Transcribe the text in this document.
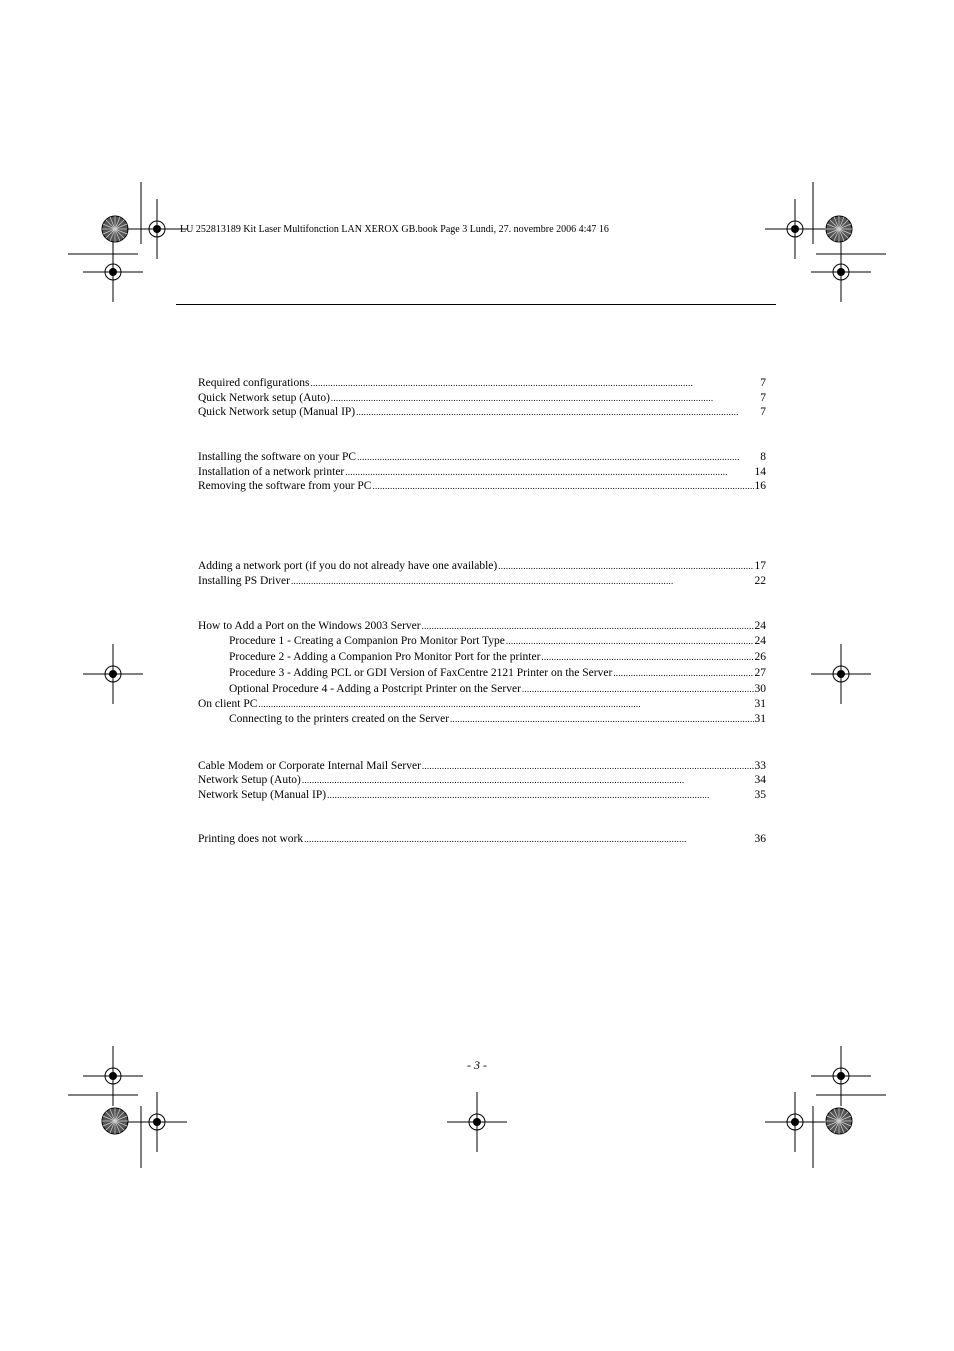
LU 252813189 Kit Laser Multifonction LAN XEROX GB.book Page 3 Lundi, 27. novembre 2006 4:47 16
Required configurations . . .	7
Quick Network setup (Auto) . . .	7
Quick Network setup (Manual IP) . . .	7
Installing the software on your PC . . .	8
Installation of a network printer . . .	14
Removing the software from your PC . . .	16
Adding a network port (if you do not already have one available) . . .	17
Installing PS Driver . . .	22
How to Add a Port on the Windows 2003 Server . . .	24
Procedure 1 - Creating a Companion Pro Monitor Port Type . . .	24
Procedure 2 - Adding a Companion Pro Monitor Port for the printer . . .	26
Procedure 3 - Adding PCL or GDI Version of FaxCentre 2121 Printer on the Server . . .	27
Optional Procedure 4 - Adding a Postcript Printer on the Server . . .	30
On client PC . . .	31
Connecting to the printers created on the Server . . .	31
Cable Modem or Corporate Internal Mail Server . . .	33
Network Setup (Auto) . . .	34
Network Setup (Manual IP) . . .	35
Printing does not work . . .	36
- 3 -
